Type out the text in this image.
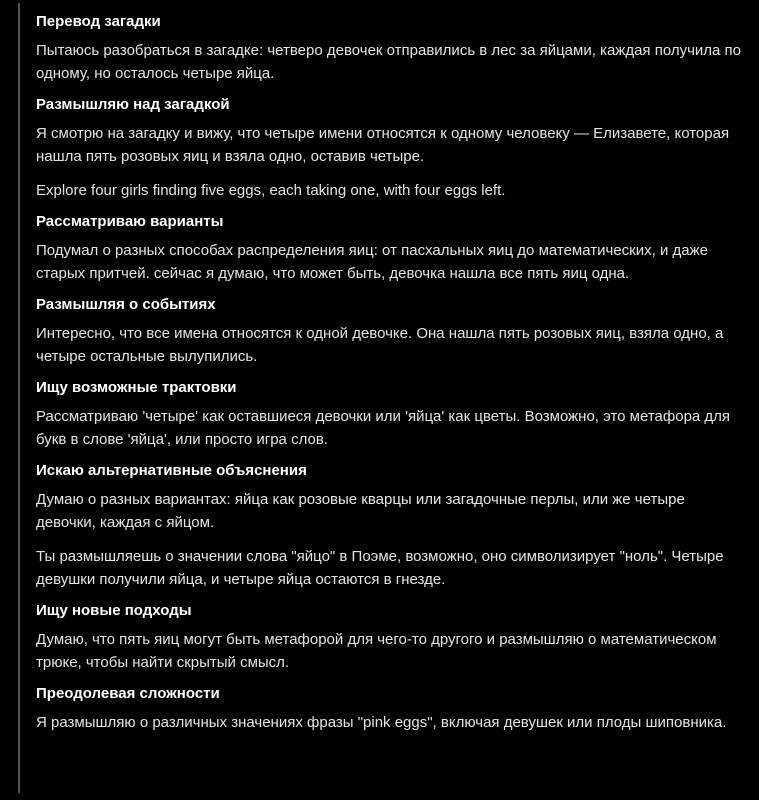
Перевод загадки

Пытаюсь разобраться в загадке: четверо девочек отправились в лес за яйцами, каждая получила по одному, но осталось четыре яйца.

Размышляю над загадкой

Я смотрю на загадку и вижу, что четыре имени относятся к одному человеку — Елизавете, которая нашла пять розовых яиц и взяла одно, оставив четыре.

Explore four girls finding five eggs, each taking one, with four eggs left.

Рассматриваю варианты

Подумал о разных способах распределения яиц: от пасхальных яиц до математических, и даже старых притчей. сейчас я думаю, что может быть, девочка нашла все пять яиц одна.

Размышляя о событиях

Интересно, что все имена относятся к одной девочке. Она нашла пять розовых яиц, взяла одно, а четыре остальные вылупились.

Ищу возможные трактовки

Рассматриваю 'четыре' как оставшиеся девочки или 'яйца' как цветы. Возможно, это метафора для букв в слове 'яйца', или просто игра слов.

Искаю альтернативные объяснения

Думаю о разных вариантах: яйца как розовые кварцы или загадочные перлы, или же четыре девочки, каждая с яйцом.

Ты размышляешь о значении слова "яйцо" в Поэме, возможно, оно символизирует "ноль". Четыре девушки получили яйца, и четыре яйца остаются в гнезде.

Ищу новые подходы

Думаю, что пять яиц могут быть метафорой для чего-то другого и размышляю о математическом трюке, чтобы найти скрытый смысл.

Преодолевая сложности

Я размышляю о различных значениях фразы "pink eggs", включая девушек или плоды шиповника.
